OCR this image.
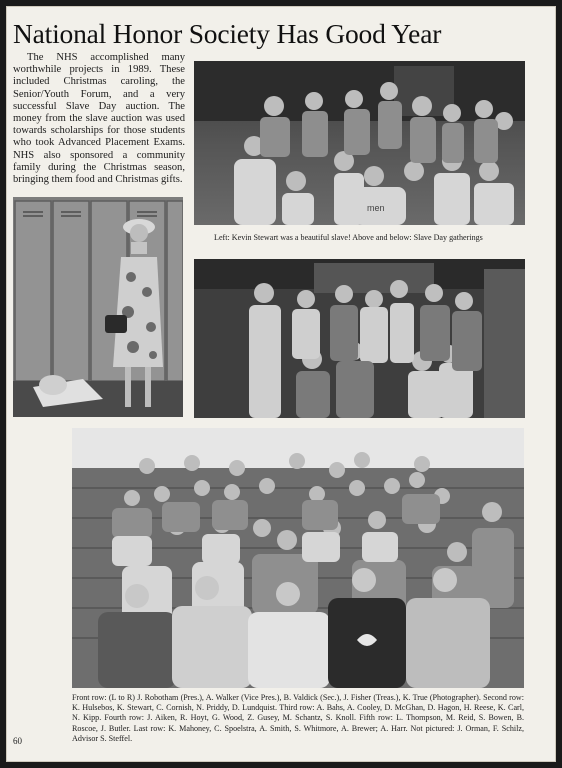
National Honor Society Has Good Year

The NHS accomplished many worthwhile projects in 1989. These included Christmas caroling, the Senior/Youth Forum, and a very successful Slave Day auction. The money from the slave auction was used towards scholarships for those students who took Advanced Placement Exams. NHS also sponsored a community family during the Christmas season, bringing them food and Christmas gifts.

men

Left: Kevin Stewart was a beautiful slave! Above and below: Slave Day gatherings

Front row: (L to R) J. Robotham (Pres.), A. Walker (Vice Pres.), B. Valdick (Sec.), J. Fisher (Treas.), K. True (Photographer). Second row: K. Hulsebos, K. Stewart, C. Cornish, N. Priddy, D. Lundquist. Third row: A. Bahs, A. Cooley, D. McGhan, D. Hagon, H. Reese, K. Carl, N. Kipp. Fourth row: J. Aiken, R. Hoyt, G. Wood, Z. Gusey, M. Schantz, S. Knoll. Fifth row: L. Thompson, M. Reid, S. Bowen, B. Roscoe, J. Butler. Last row: K. Mahoney, C. Spoelstra, A. Smith, S. Whitmore, A. Brewer; A. Harr. Not pictured: J. Orman, F. Schilz, Advisor S. Steffel.

60
